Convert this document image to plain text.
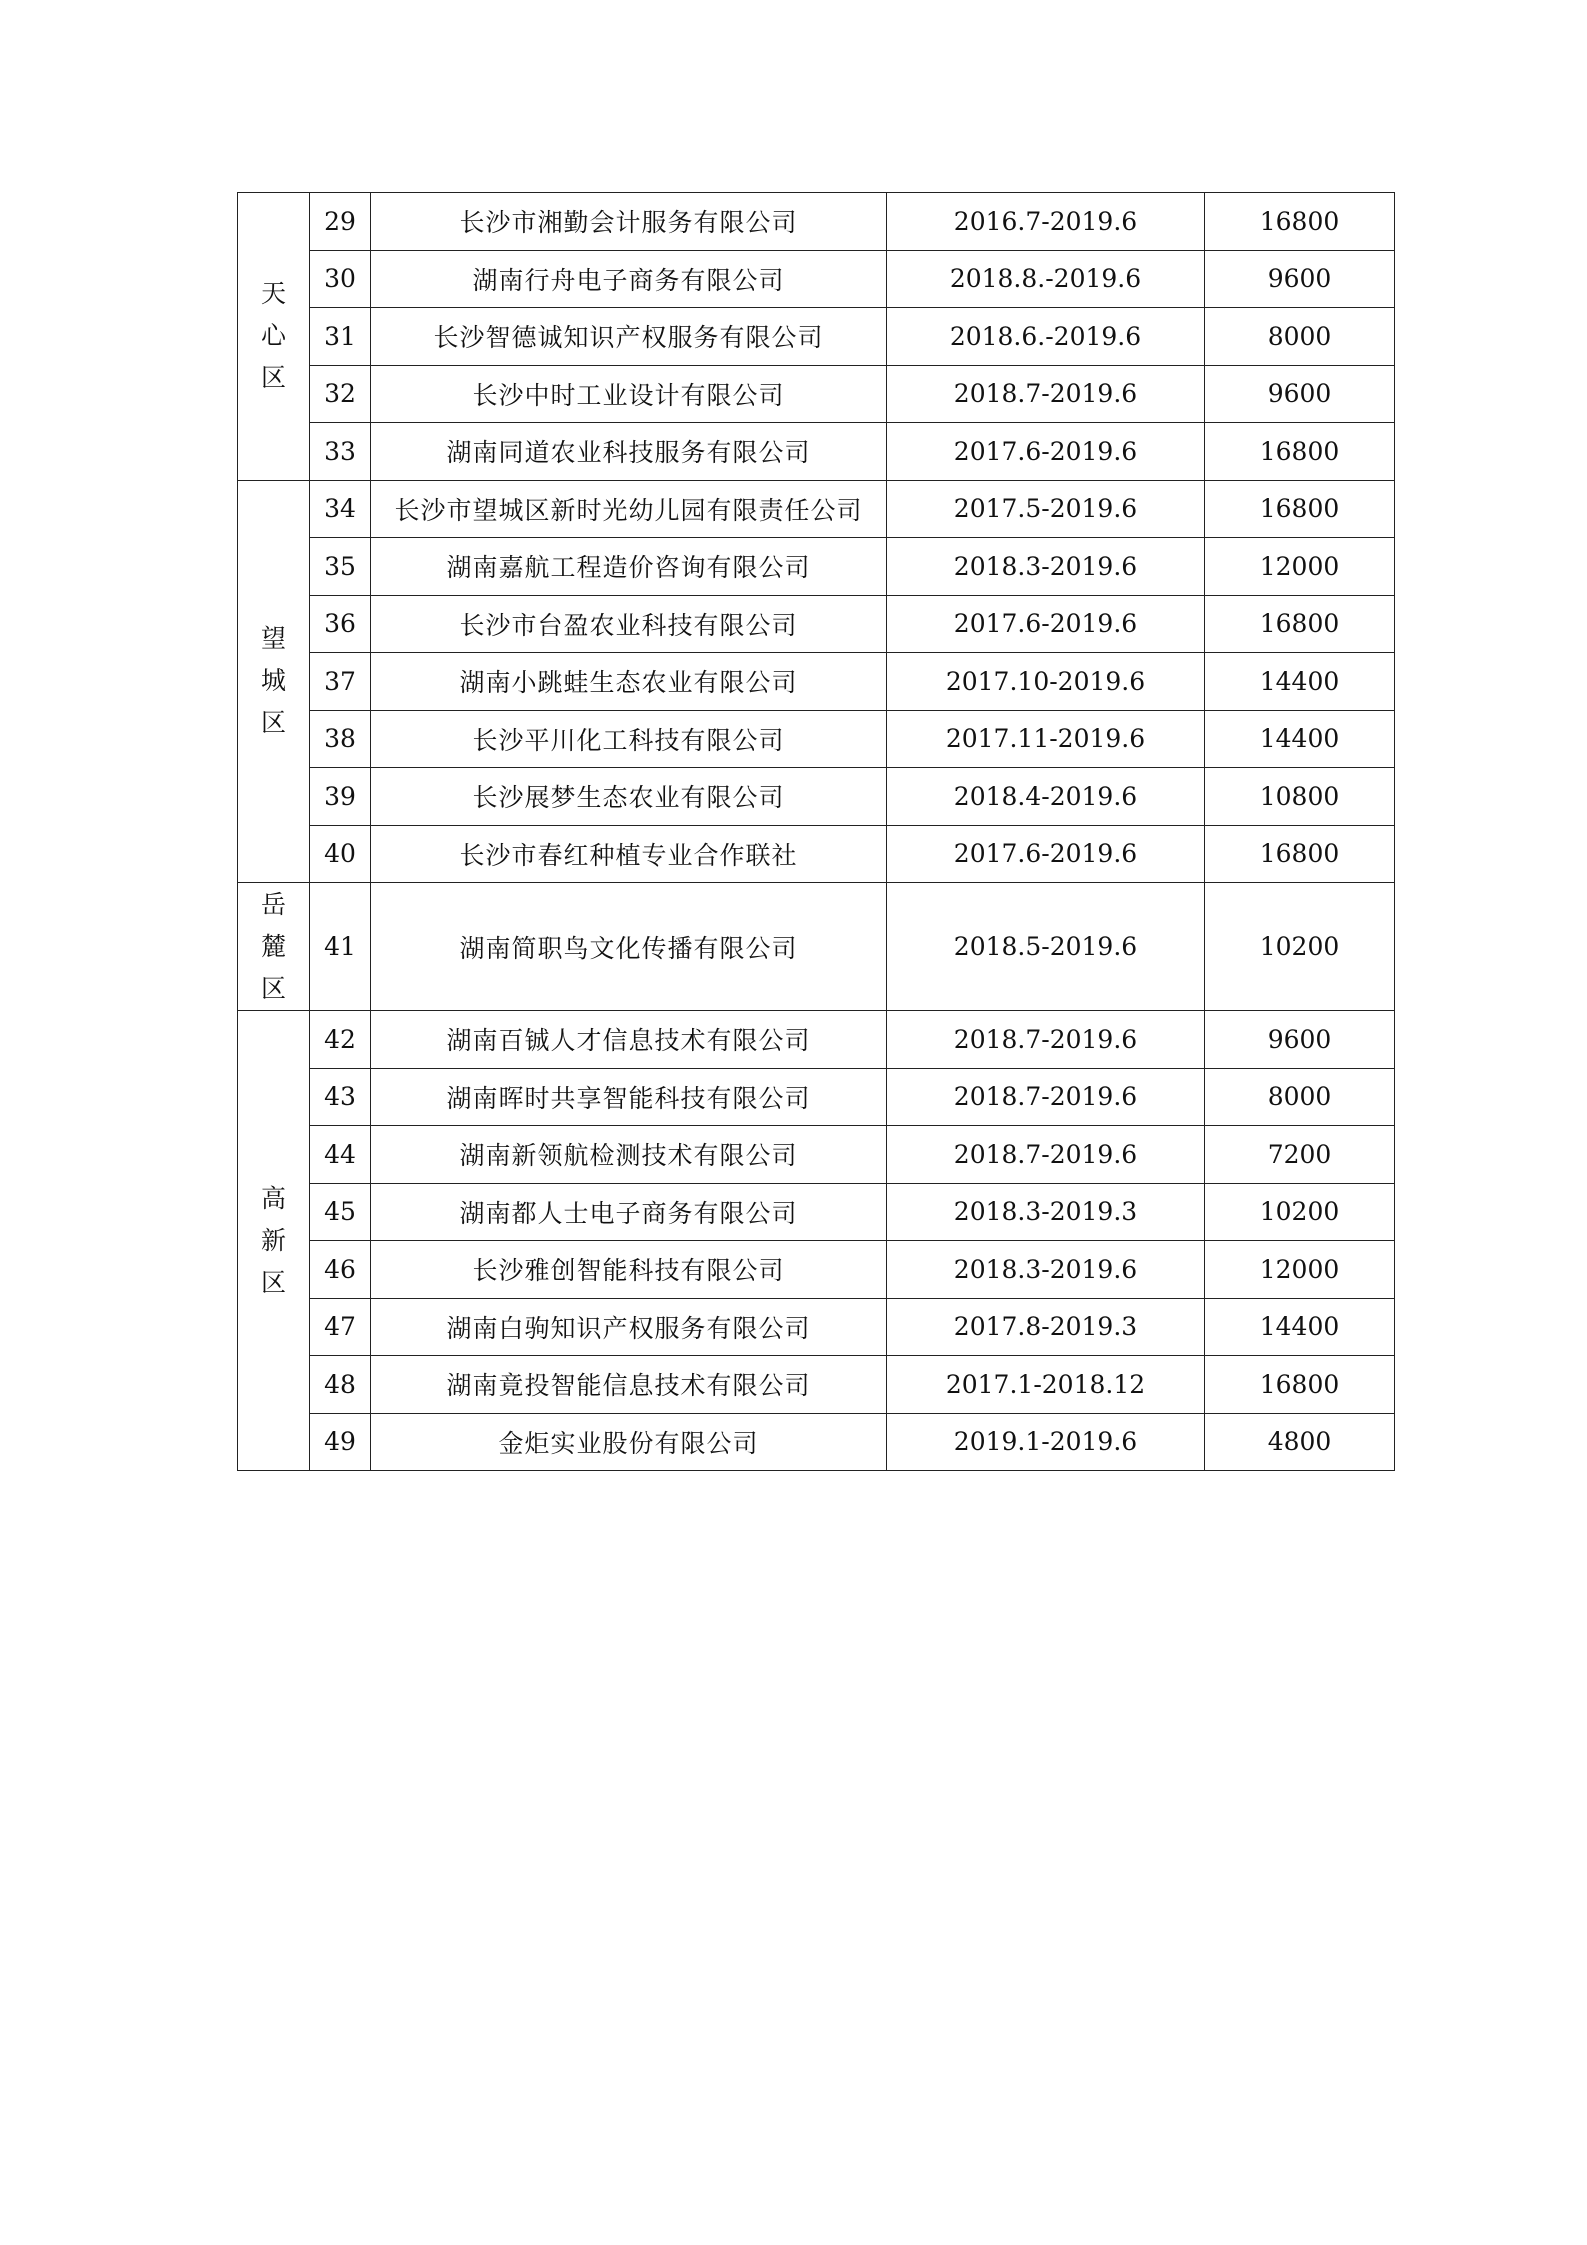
天
心
区	29	长沙市湘勤会计服务有限公司	2016.7-2019.6	16800
	30	湖南行舟电子商务有限公司	2018.8.-2019.6	9600
	31	长沙智德诚知识产权服务有限公司	2018.6.-2019.6	8000
	32	长沙中时工业设计有限公司	2018.7-2019.6	9600
	33	湖南同道农业科技服务有限公司	2017.6-2019.6	16800

望
城
区	34	长沙市望城区新时光幼儿园有限责任公司	2017.5-2019.6	16800
	35	湖南嘉航工程造价咨询有限公司	2018.3-2019.6	12000
	36	长沙市台盈农业科技有限公司	2017.6-2019.6	16800
	37	湖南小跳蛙生态农业有限公司	2017.10-2019.6	14400
	38	长沙平川化工科技有限公司	2017.11-2019.6	14400
	39	长沙展梦生态农业有限公司	2018.4-2019.6	10800
	40	长沙市春红种植专业合作联社	2017.6-2019.6	16800

岳
麓
区	41	湖南简职鸟文化传播有限公司	2018.5-2019.6	10200

高
新
区	42	湖南百铖人才信息技术有限公司	2018.7-2019.6	9600
	43	湖南晖时共享智能科技有限公司	2018.7-2019.6	8000
	44	湖南新领航检测技术有限公司	2018.7-2019.6	7200
	45	湖南都人士电子商务有限公司	2018.3-2019.3	10200
	46	长沙雅创智能科技有限公司	2018.3-2019.6	12000
	47	湖南白驹知识产权服务有限公司	2017.8-2019.3	14400
	48	湖南竟投智能信息技术有限公司	2017.1-2018.12	16800
	49	金炬实业股份有限公司	2019.1-2019.6	4800
